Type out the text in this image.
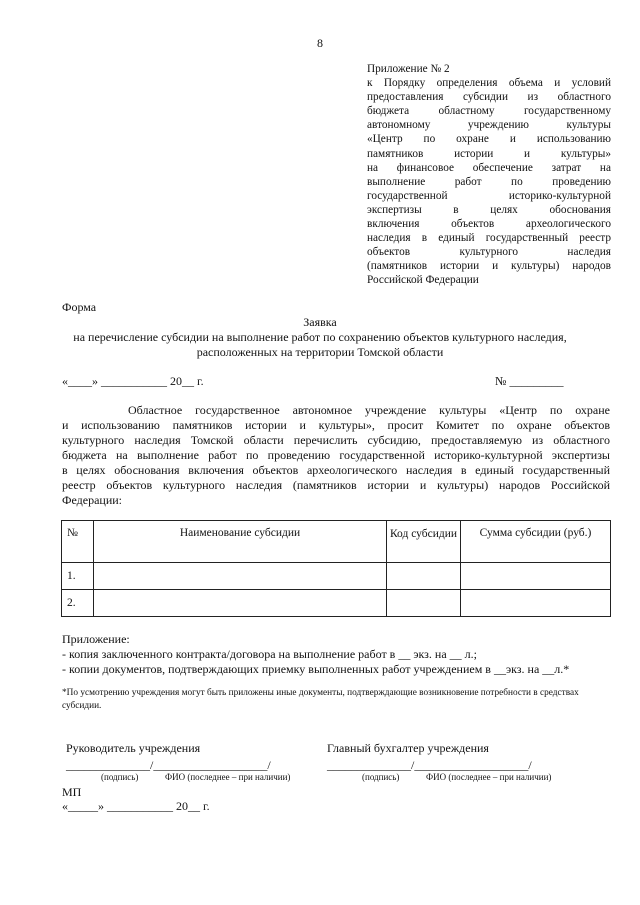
8
Приложение № 2
к Порядку определения объема и условий
предоставления субсидии из областного
бюджета областному государственному
автономному учреждению культуры
«Центр по охране и использованию
памятников истории и культуры»
на финансовое обеспечение затрат на
выполнение работ по проведению
государственной историко-культурной
экспертизы в целях обоснования
включения объектов археологического
наследия в единый государственный реестр
объектов культурного наследия
(памятников истории и культуры) народов
Российской Федерации
Форма
Заявка
на перечисление субсидии на выполнение работ по сохранению объектов культурного наследия,
расположенных на территории Томской области
«____» ___________ 20__ г.	№ _________
Областное государственное автономное учреждение культуры «Центр по охране
и использованию памятников истории и культуры», просит Комитет по охране объектов
культурного наследия Томской области перечислить субсидию, предоставляемую из областного
бюджета на выполнение работ по проведению государственной историко-культурной экспертизы
в целях обоснования включения объектов археологического наследия в единый государственный
реестр объектов культурного наследия (памятников истории и культуры) народов Российской
Федерации:
№	Наименование субсидии	Код субсидии	Сумма субсидии (руб.)
1.			
2.			
Приложение:
- копия заключенного контракта/договора на выполнение работ в __ экз. на __ л.;
- копии документов, подтверждающих приемку выполненных работ учреждением в __экз. на __л.*
*По усмотрению учреждения могут быть приложены иные документы, подтверждающие возникновение потребности в средствах субсидии.
Руководитель учреждения	Главный бухгалтер учреждения
______________/___________________/	______________/___________________/
(подпись)	ФИО (последнее – при наличии)	(подпись)	ФИО (последнее – при наличии)
МП
«_____» ___________ 20__ г.
